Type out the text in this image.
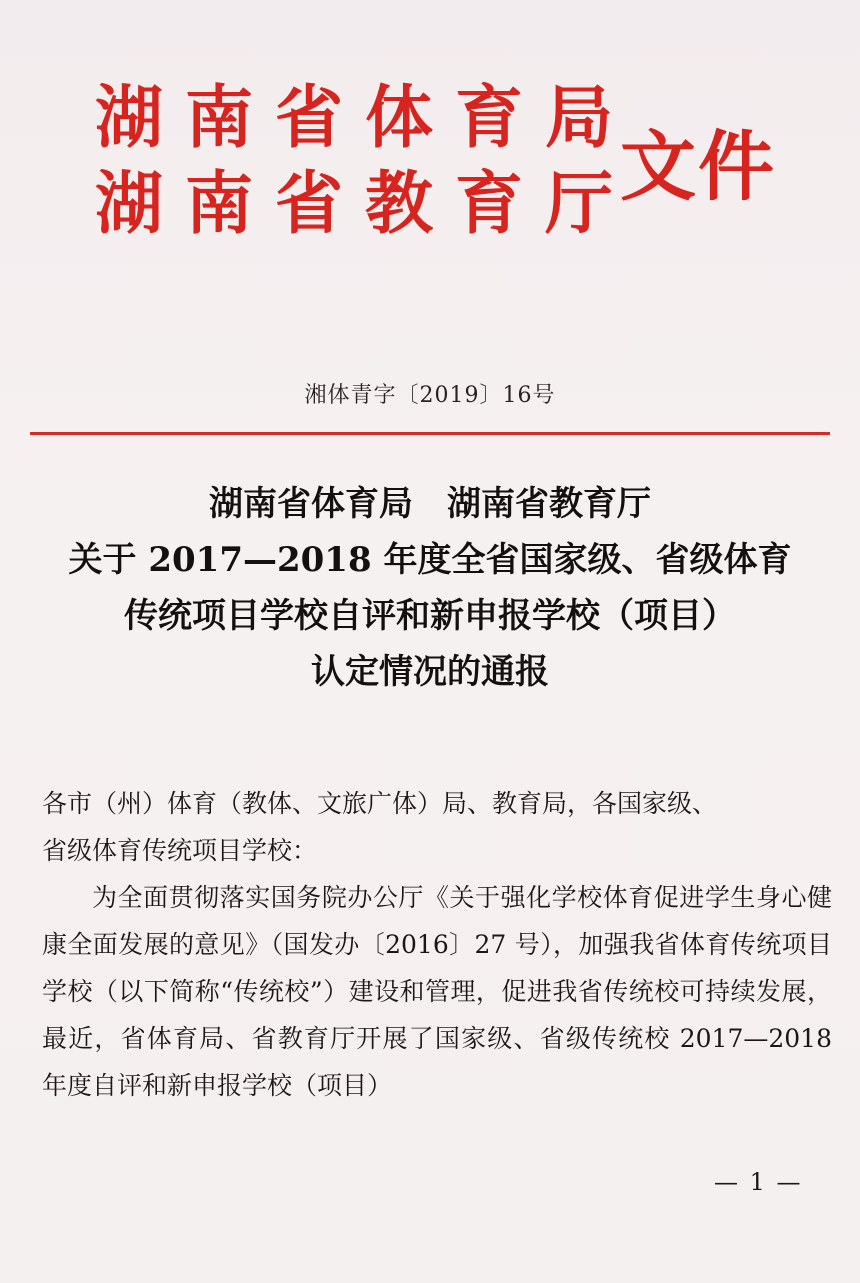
湖南省体育局
湖南省教育厅
文件
湘体青字〔2019〕16号
湖南省体育局　湖南省教育厅
关于 2017—2018 年度全省国家级、省级体育
传统项目学校自评和新申报学校（项目）
认定情况的通报
各市（州）体育（教体、文旅广体）局、教育局，各国家级、
省级体育传统项目学校：
为全面贯彻落实国务院办公厅《关于强化学校体育促进学生身心健康全面发展的意见》（国发办〔2016〕27 号），加强我省体育传统项目学校（以下简称“传统校”）建设和管理，促进我省传统校可持续发展，最近，省体育局、省教育厅开展了国家级、省级传统校 2017—2018 年度自评和新申报学校（项目）
— 1 —
